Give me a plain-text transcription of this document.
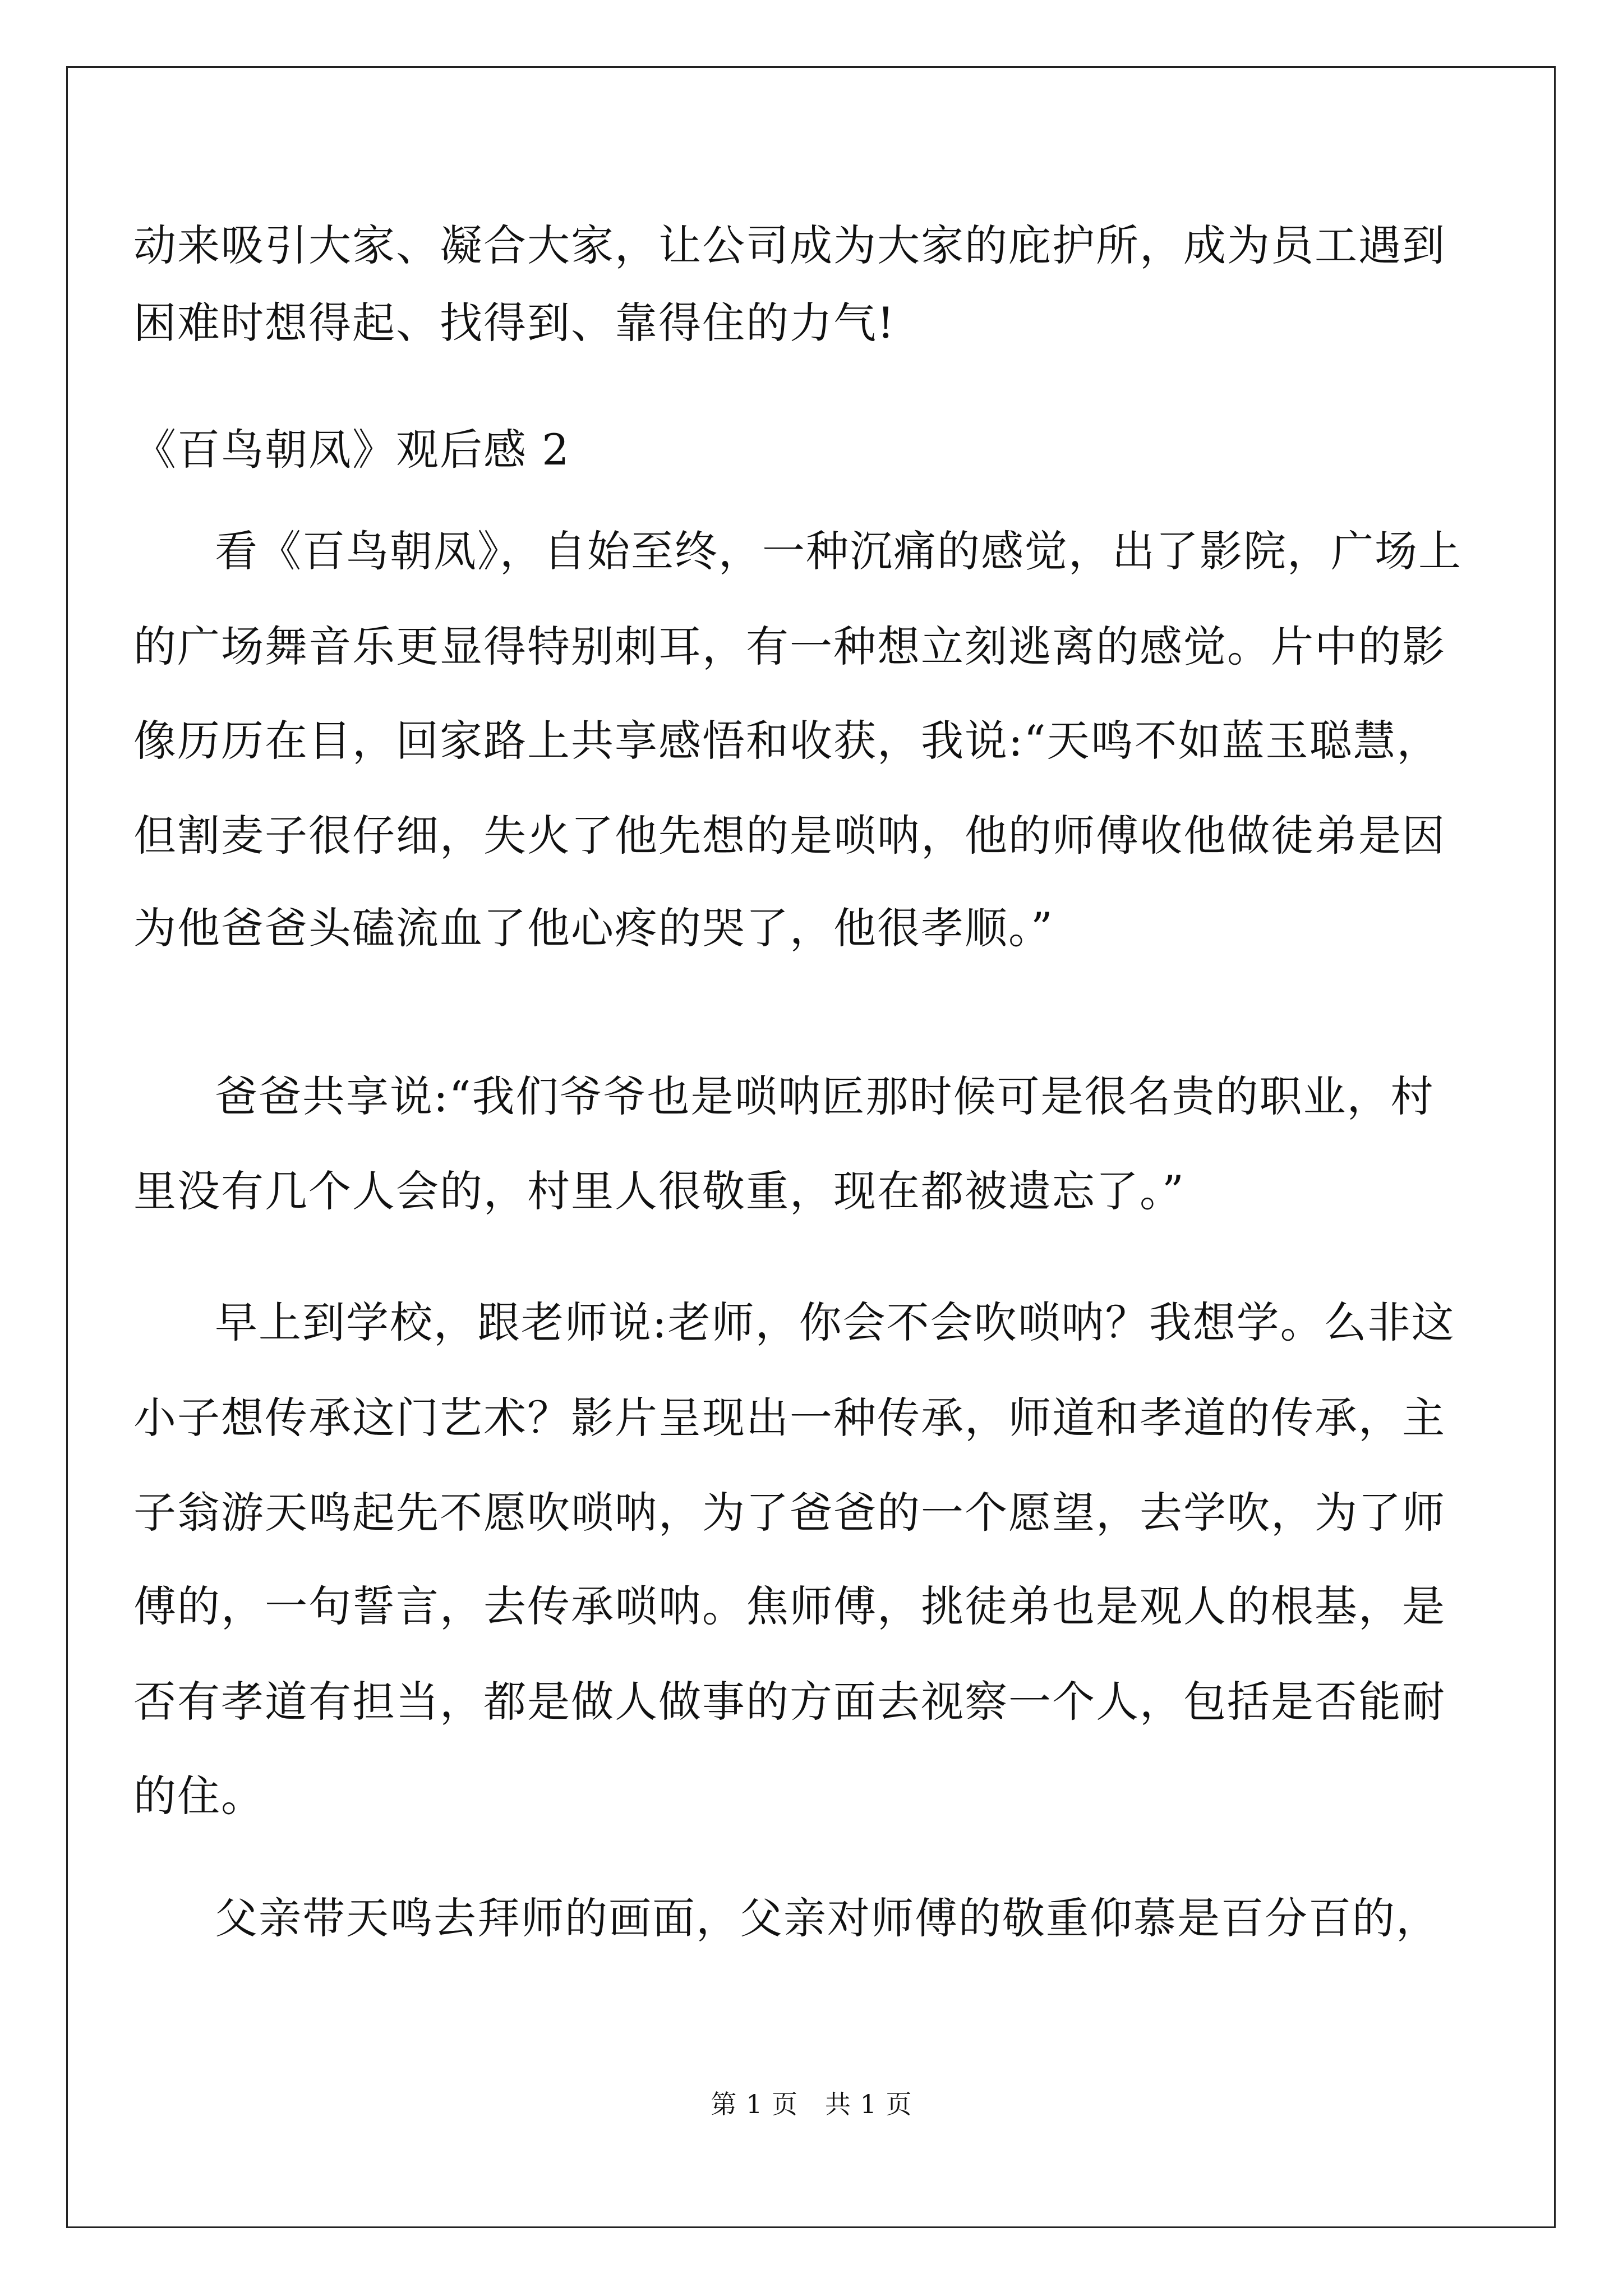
动来吸引大家、凝合大家，让公司成为大家的庇护所，成为员工遇到
困难时想得起、找得到、靠得住的力气!
《百鸟朝凤》观后感 2
看《百鸟朝凤》，自始至终，一种沉痛的感觉，出了影院，广场上
的广场舞音乐更显得特别刺耳，有一种想立刻逃离的感觉。片中的影
像历历在目，回家路上共享感悟和收获，我说:“天鸣不如蓝玉聪慧，
但割麦子很仔细，失火了他先想的是唢呐，他的师傅收他做徒弟是因
为他爸爸头磕流血了他心疼的哭了，他很孝顺。”
爸爸共享说:“我们爷爷也是唢呐匠那时候可是很名贵的职业，村
里没有几个人会的，村里人很敬重，现在都被遗忘了。”
早上到学校，跟老师说:老师，你会不会吹唢呐？我想学。么非这
小子想传承这门艺术？影片呈现出一种传承，师道和孝道的传承，主
子翁游天鸣起先不愿吹唢呐，为了爸爸的一个愿望，去学吹，为了师
傅的，一句誓言，去传承唢呐。焦师傅，挑徒弟也是观人的根基，是
否有孝道有担当，都是做人做事的方面去视察一个人，包括是否能耐
的住。
父亲带天鸣去拜师的画面，父亲对师傅的敬重仰慕是百分百的，
第 1 页 共 1 页
